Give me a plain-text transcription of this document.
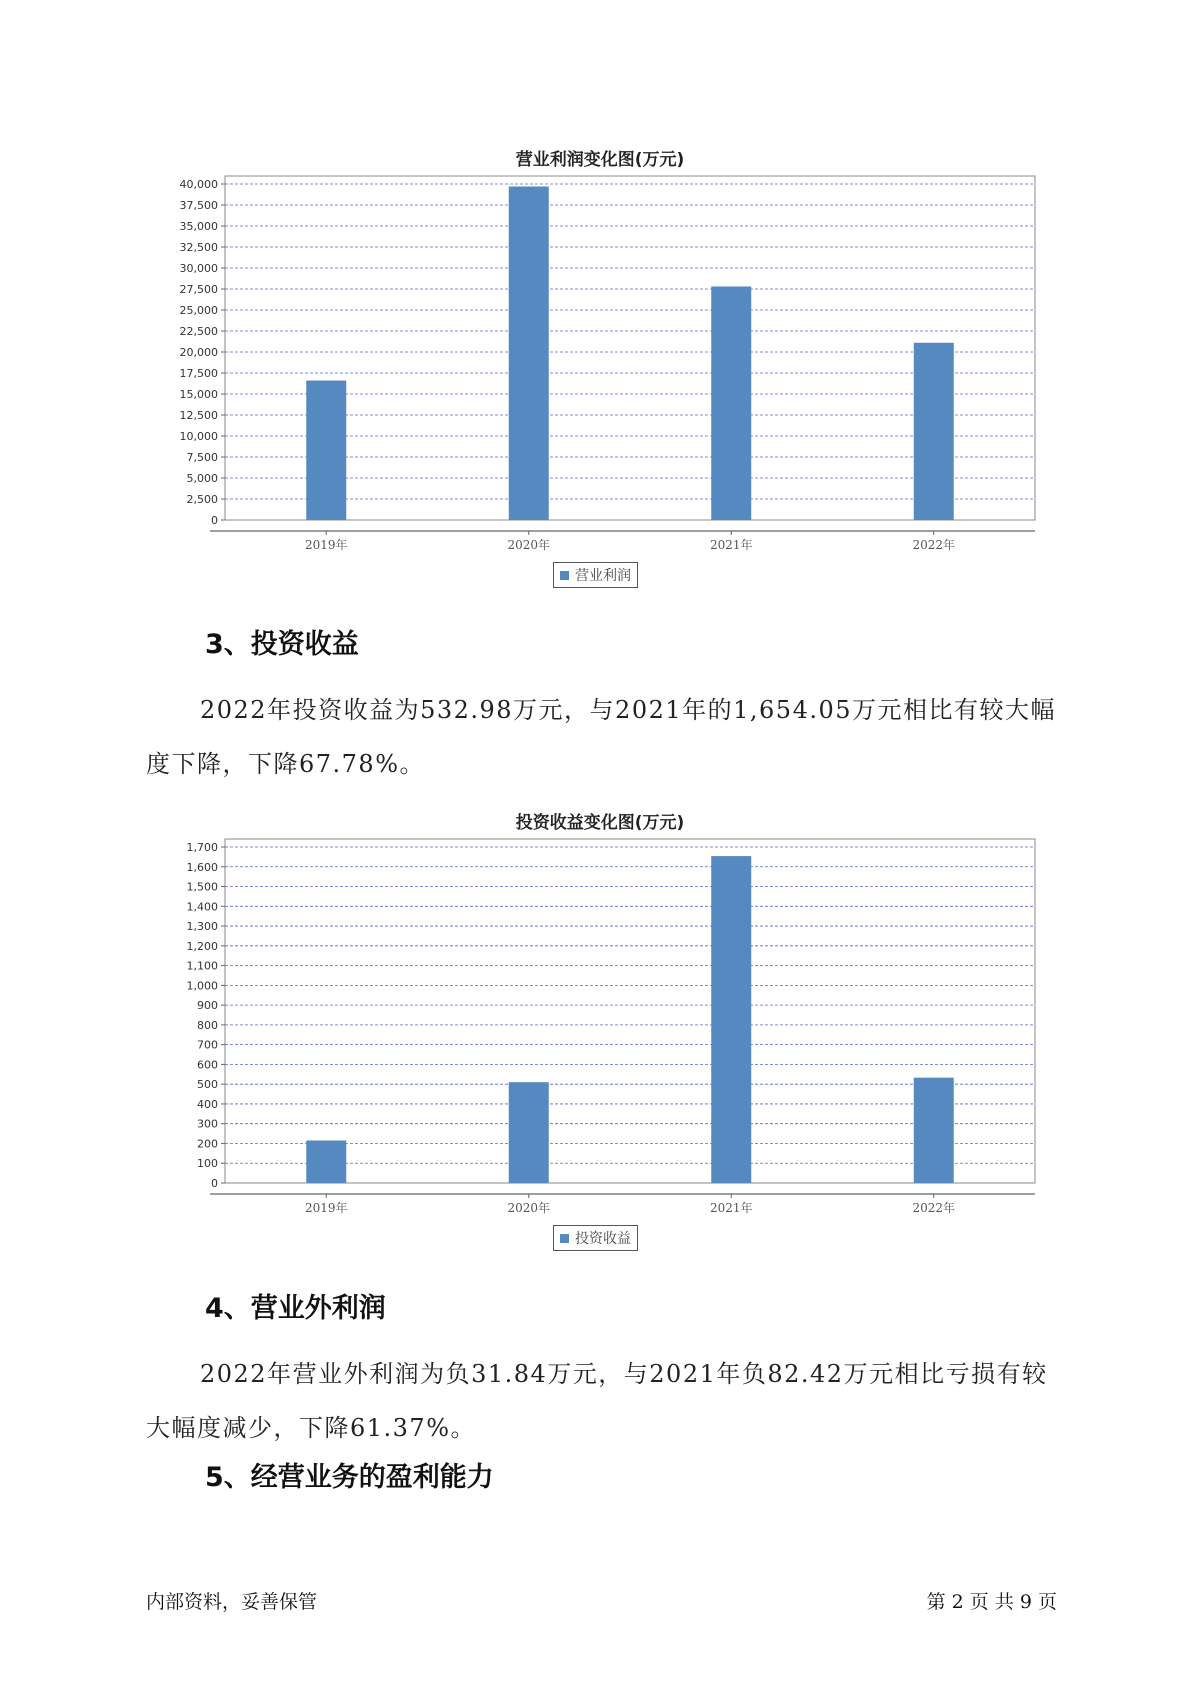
营业利润变化图(万元)
0
2,500
5,000
7,500
10,000
12,500
15,000
17,500
20,000
22,500
25,000
27,500
30,000
32,500
35,000
37,500
40,000
2019年	2020年	2021年	2022年
营业利润
3、投资收益
2022年投资收益为532.98万元，与2021年的1,654.05万元相比有较大幅度下降，下降67.78%。
投资收益变化图(万元)
0
100
200
300
400
500
600
700
800
900
1,000
1,100
1,200
1,300
1,400
1,500
1,600
1,700
2019年	2020年	2021年	2022年
投资收益
4、营业外利润
2022年营业外利润为负31.84万元，与2021年负82.42万元相比亏损有较大幅度减少，下降61.37%。
5、经营业务的盈利能力
内部资料，妥善保管	第 2 页 共 9 页
